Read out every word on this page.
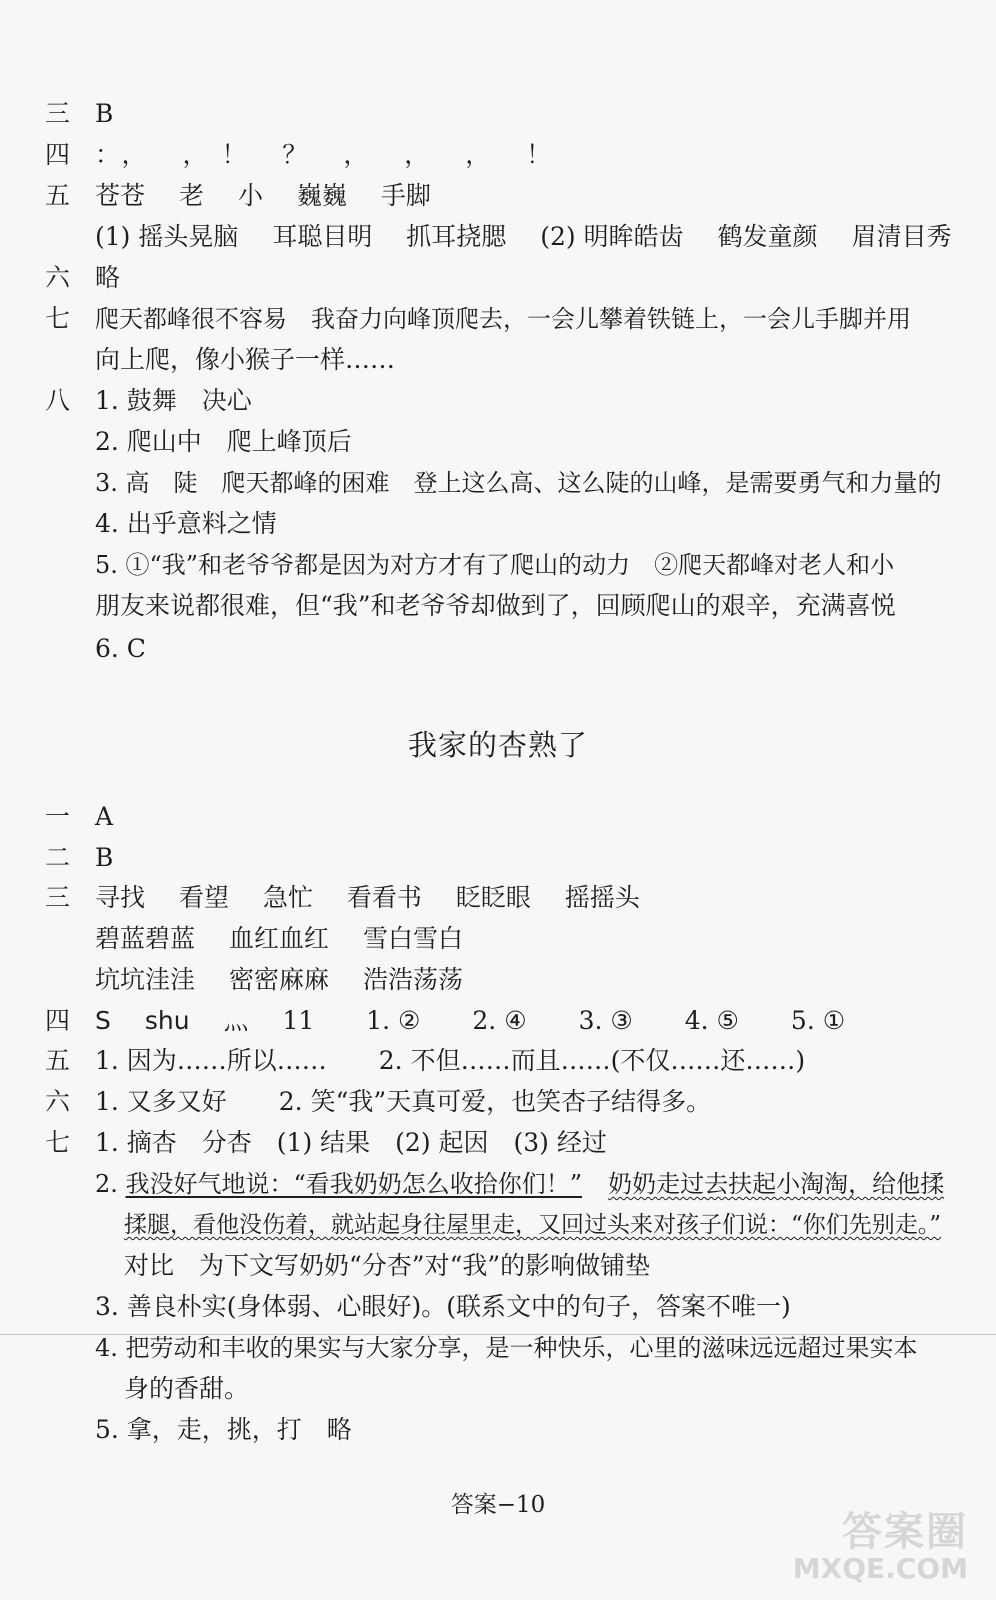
三 B
四 ：， ，！ ？ ， ， ， ！
五 苍苍 老 小 巍巍 手脚
(1) 摇头晃脑 耳聪目明 抓耳挠腮 (2) 明眸皓齿 鹤发童颜 眉清目秀
六 略
七 爬天都峰很不容易　我奋力向峰顶爬去，一会儿攀着铁链上，一会儿手脚并用
向上爬，像小猴子一样……
八 1. 鼓舞　决心
2. 爬山中　爬上峰顶后
3. 高　陡　爬天都峰的困难　登上这么高、这么陡的山峰，是需要勇气和力量的
4. 出乎意料之情
5. ①“我”和老爷爷都是因为对方才有了爬山的动力　②爬天都峰对老人和小
朋友来说都很难，但“我”和老爷爷却做到了，回顾爬山的艰辛，充满喜悦
6. C
我家的杏熟了
一 A
二 B
三 寻找 看望 急忙 看看书 眨眨眼 摇摇头
碧蓝碧蓝 血红血红 雪白雪白
坑坑洼洼 密密麻麻 浩浩荡荡
四 S shu 灬 11 1. ② 2. ④ 3. ③ 4. ⑤ 5. ①
五 1. 因为……所以…… 2. 不但……而且……(不仅……还……)
六 1. 又多又好 2. 笑“我”天真可爱，也笑杏子结得多。
七 1. 摘杏　分杏　(1) 结果　(2) 起因　(3) 经过
2. 我没好气地说：“看我奶奶怎么收拾你们！” 奶奶走过去扶起小淘淘，给他揉
揉腿，看他没伤着，就站起身往屋里走，又回过头来对孩子们说：“你们先别走。”
对比　为下文写奶奶“分杏”对“我”的影响做铺垫
3. 善良朴实(身体弱、心眼好)。(联系文中的句子，答案不唯一)
4. 把劳动和丰收的果实与大家分享，是一种快乐，心里的滋味远远超过果实本
身的香甜。
5. 拿，走，挑，打　略
答案−10
答案圈
MXQE.COM
